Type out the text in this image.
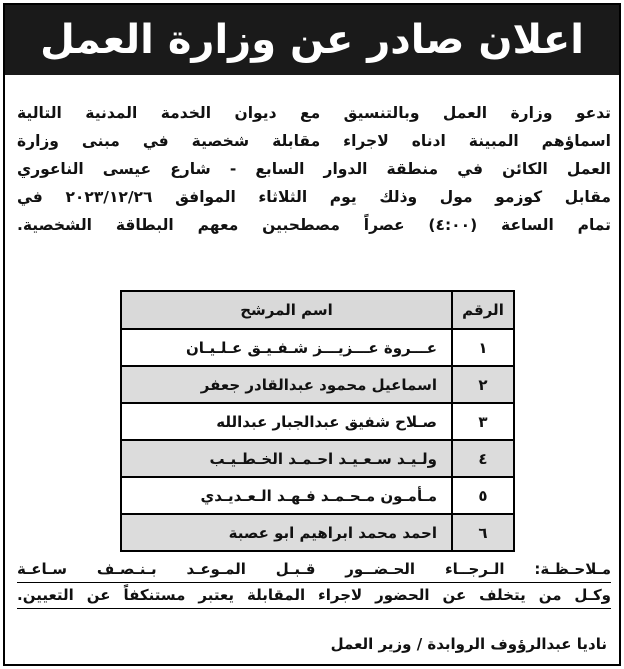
اعلان صادر عن وزارة العمل
تدعو وزارة العمل وبالتنسيق مع ديوان الخدمة المدنية التالية
اسماؤهم المبينة ادناه لاجراء مقابلة شخصية في مبنى وزارة
العمل الكائن في منطقة الدوار السابع - شارع عيسى الناعوري
مقابل كوزمو مول وذلك يوم الثلاثاء الموافق ٢٠٢٣/١٢/٢٦ في
تمام الساعة (٤:٠٠) عصراً مصطحبين معهم البطاقة الشخصية.
الرقم	اسم المرشح
١	عـــروة عـــزيـــز شـفـيـق عـلـيـان
٢	اسماعيل محمود عبدالقادر جعفر
٣	صـلاح شفيق عبدالجبار عبدالله
٤	ولـيـد سـعـيـد احـمـد الخـطـيـب
٥	مـأمـون مـحـمـد فـهـد الـعـديـدي
٦	احمد محمد ابراهيم ابو عصبة
مـلاحـظـة: الـرجــاء الحـضــور قـبـل المـوعـد بـنـصـف سـاعـة
وكـل من يتخلف عن الحضور لاجراء المقابلة يعتبر مستنكفاً عن التعيين.
ناديا عبدالرؤوف الروابدة / وزير العمل
